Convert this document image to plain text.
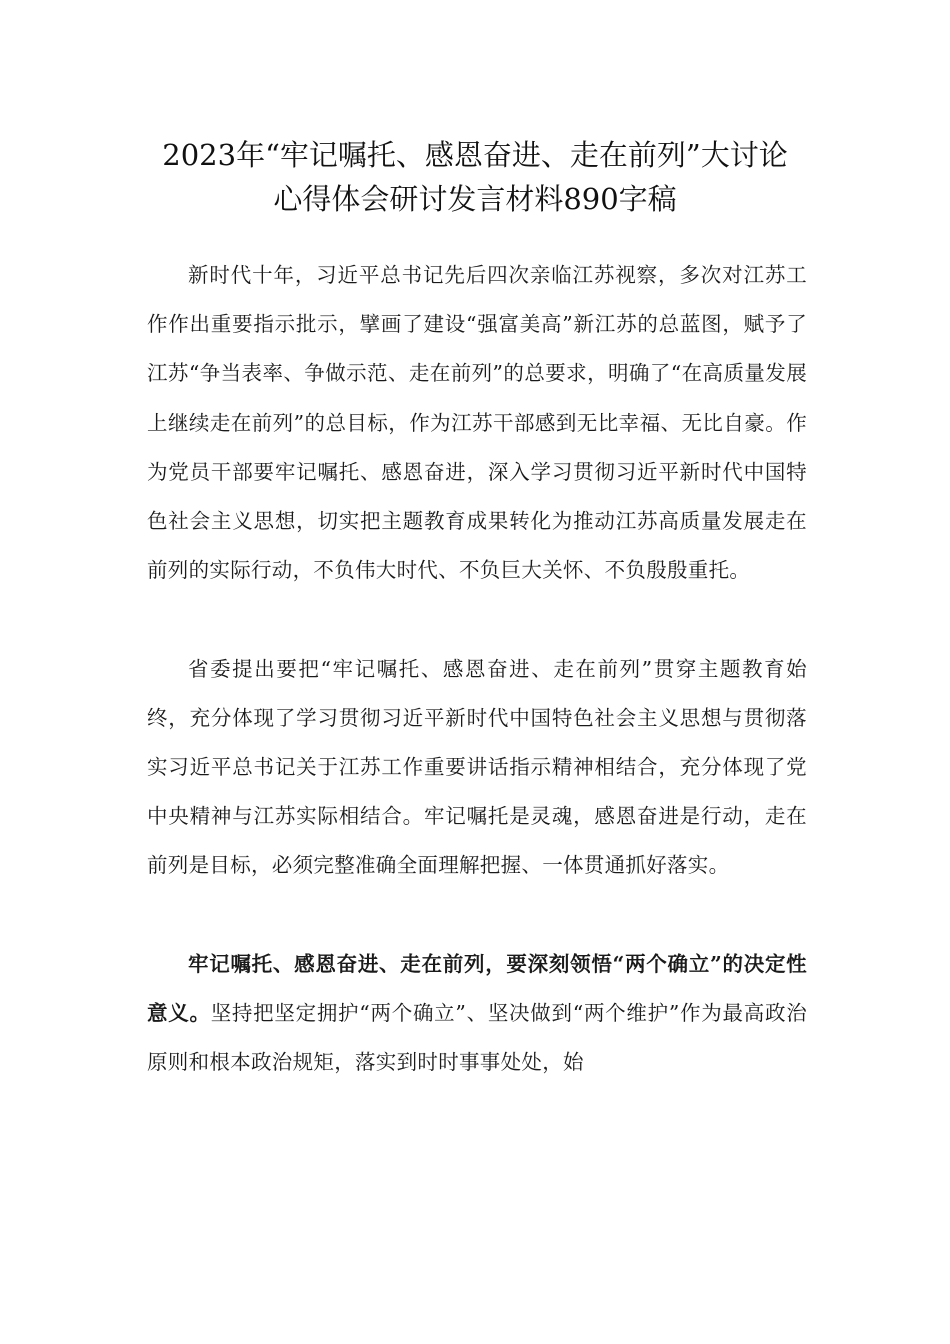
2023年“牢记嘱托、感恩奋进、走在前列”大讨论
心得体会研讨发言材料890字稿

新时代十年，习近平总书记先后四次亲临江苏视察，多次对江苏工作作出重要指示批示，擘画了建设“强富美高”新江苏的总蓝图，赋予了江苏“争当表率、争做示范、走在前列”的总要求，明确了“在高质量发展上继续走在前列”的总目标，作为江苏干部感到无比幸福、无比自豪。作为党员干部要牢记嘱托、感恩奋进，深入学习贯彻习近平新时代中国特色社会主义思想，切实把主题教育成果转化为推动江苏高质量发展走在前列的实际行动，不负伟大时代、不负巨大关怀、不负殷殷重托。

省委提出要把“牢记嘱托、感恩奋进、走在前列”贯穿主题教育始终，充分体现了学习贯彻习近平新时代中国特色社会主义思想与贯彻落实习近平总书记关于江苏工作重要讲话指示精神相结合，充分体现了党中央精神与江苏实际相结合。牢记嘱托是灵魂，感恩奋进是行动，走在前列是目标，必须完整准确全面理解把握、一体贯通抓好落实。

牢记嘱托、感恩奋进、走在前列，要深刻领悟“两个确立”的决定性意义。坚持把坚定拥护“两个确立”、坚决做到“两个维护”作为最高政治原则和根本政治规矩，落实到时时事事处处，始
